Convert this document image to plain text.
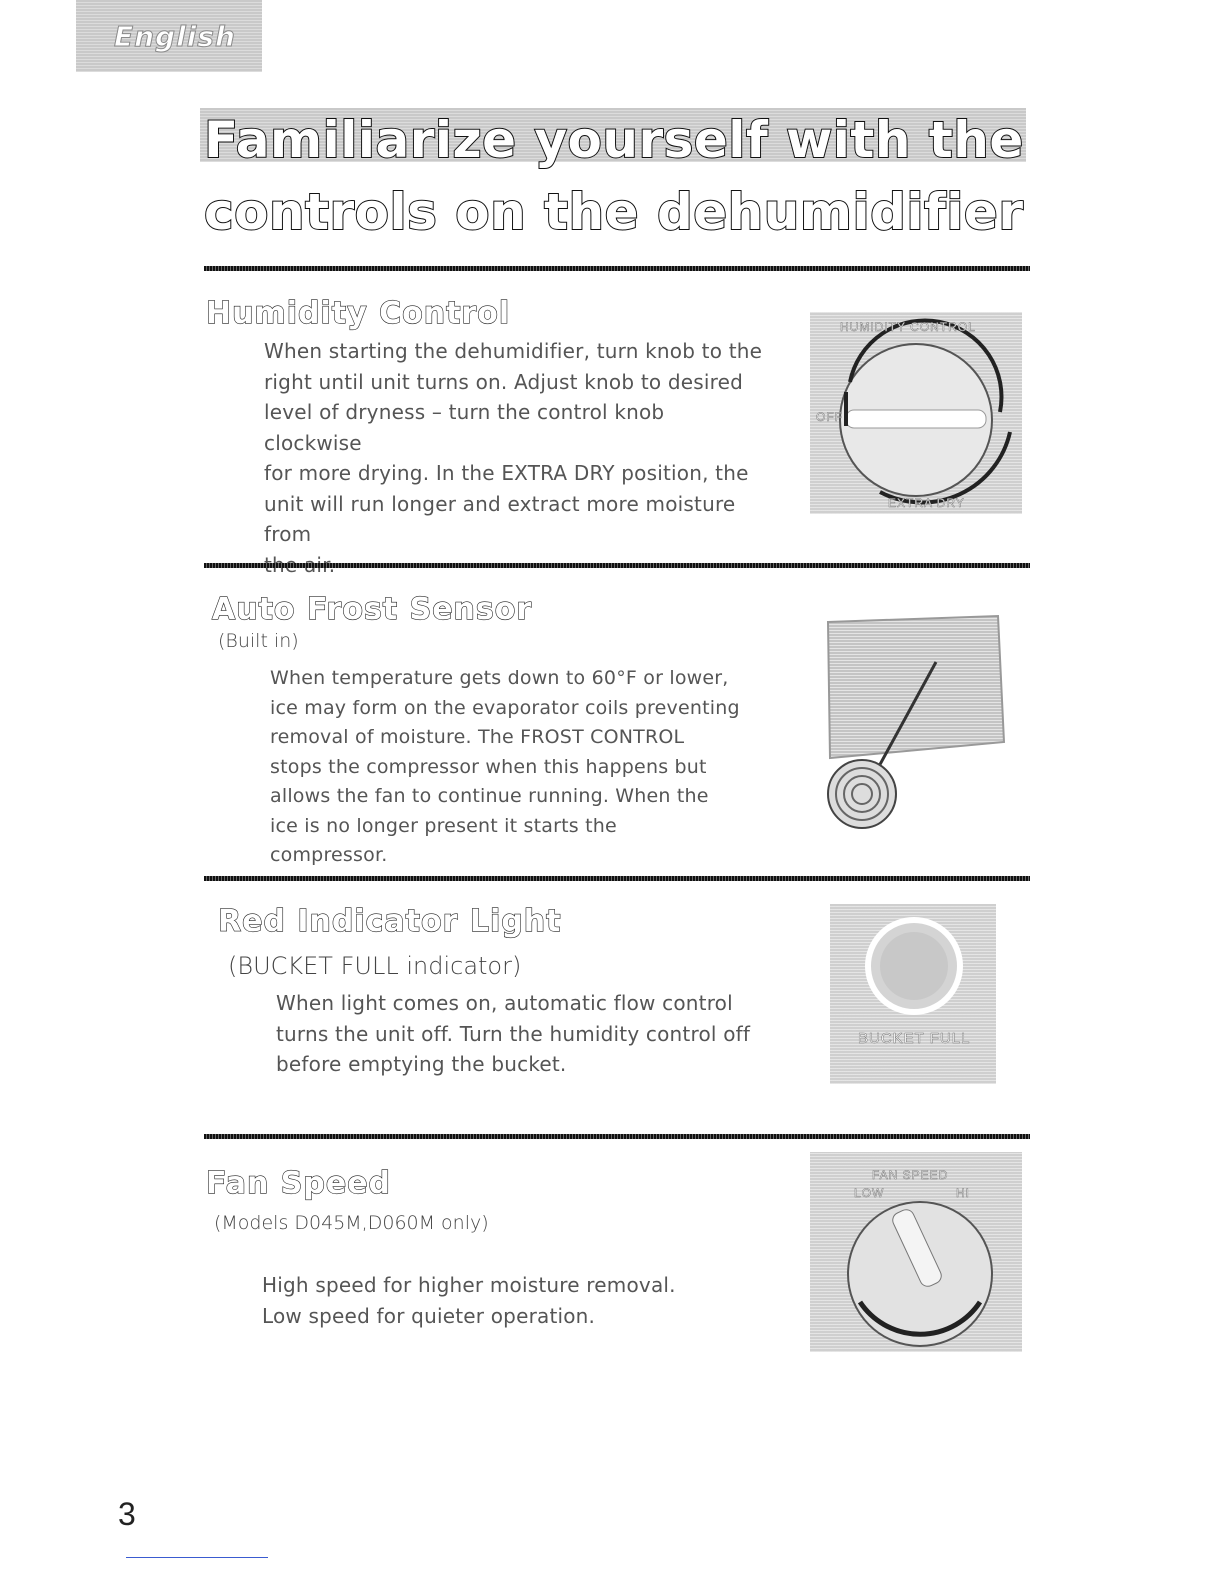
English
Familiarize yourself with the controls on the dehumidifier
Humidity Control

When starting the dehumidifier, turn knob to the
right until unit turns on. Adjust knob to desired
level of dryness – turn the control knob clockwise
for more drying. In the EXTRA DRY position, the
unit will run longer and extract more moisture from

HUMIDITY CONTROL
OFF
EXTRA DRY
Auto Frost Sensor

(Built in)

When temperature gets down to 60°F or lower,
ice may form on the evaporator coils preventing
removal of moisture. The FROST CONTROL
stops the compressor when this happens but
allows the fan to continue running. When the
ice is no longer present it starts the compressor.

Red Indicator Light

(BUCKET FULL indicator)

When light comes on, automatic flow control
turns the unit off. Turn the humidity control off
before emptying the bucket.

BUCKET FULL
Fan Speed

(Models D045M,D060M only)

High speed for higher moisture removal.
Low speed for quieter operation.

FAN SPEED
LOW	HI

3
